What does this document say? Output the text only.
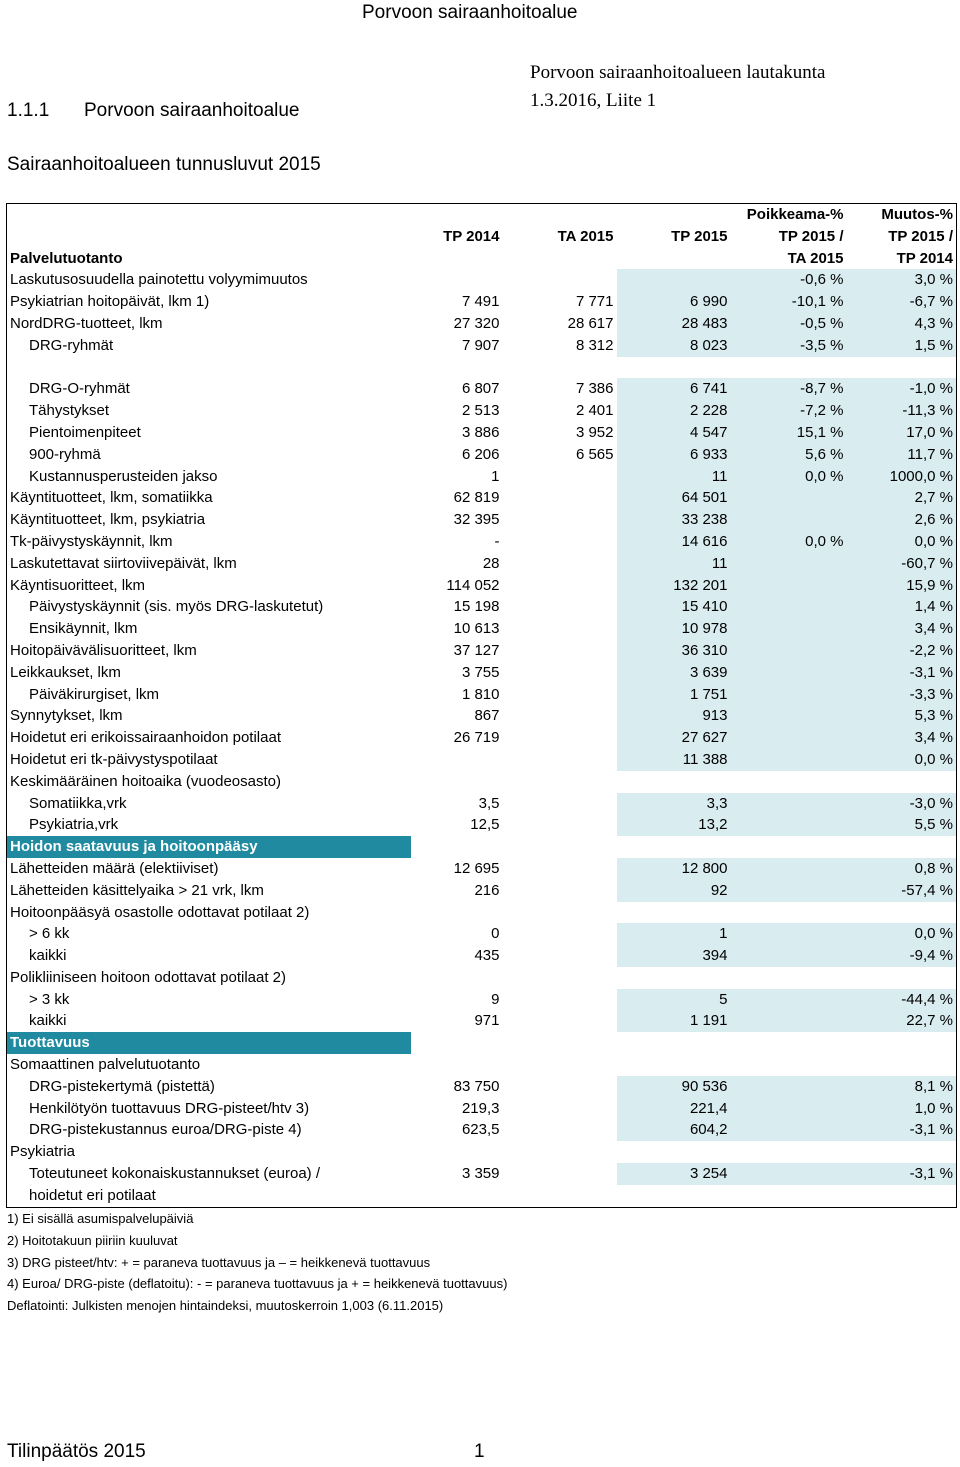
Porvoon sairaanhoitoalue
1.1.1 Porvoon sairaanhoitoalue
Porvoon sairaanhoitoalueen lautakunta
1.3.2016, Liite 1
Sairaanhoitoalueen tunnusluvut 2015
				Poikkeama-%	Muutos-%
	TP 2014	TA 2015	TP 2015	TP 2015 /	TP 2015 /
Palvelutuotanto				TA 2015	TP 2014
Laskutusosuudella painotettu volyymimuutos				-0,6 %	3,0 %
Psykiatrian hoitopäivät, lkm 1)	7 491	7 771	6 990	-10,1 %	-6,7 %
NordDRG-tuotteet, lkm	27 320	28 617	28 483	-0,5 %	4,3 %
DRG-ryhmät	7 907	8 312	8 023	-3,5 %	1,5 %

DRG-O-ryhmät	6 807	7 386	6 741	-8,7 %	-1,0 %
Tähystykset	2 513	2 401	2 228	-7,2 %	-11,3 %
Pientoimenpiteet	3 886	3 952	4 547	15,1 %	17,0 %
900-ryhmä	6 206	6 565	6 933	5,6 %	11,7 %
Kustannusperusteiden jakso	1		11	0,0 %	1000,0 %
Käyntituotteet, lkm, somatiikka	62 819		64 501		2,7 %
Käyntituotteet, lkm, psykiatria	32 395		33 238		2,6 %
Tk-päivystyskäynnit, lkm	-		14 616	0,0 %	0,0 %
Laskutettavat siirtoviivepäivät, lkm	28		11		-60,7 %
Käyntisuoritteet, lkm	114 052		132 201		15,9 %
Päivystyskäynnit (sis. myös DRG-laskutetut)	15 198		15 410		1,4 %
Ensikäynnit, lkm	10 613		10 978		3,4 %
Hoitopäivävälisuoritteet, lkm	37 127		36 310		-2,2 %
Leikkaukset, lkm	3 755		3 639		-3,1 %
Päiväkirurgiset, lkm	1 810		1 751		-3,3 %
Synnytykset, lkm	867		913		5,3 %
Hoidetut eri erikoissairaanhoidon potilaat	26 719		27 627		3,4 %
Hoidetut eri tk-päivystyspotilaat			11 388		0,0 %
Keskimääräinen hoitoaika (vuodeosasto)					
Somatiikka,vrk	3,5		3,3		-3,0 %
Psykiatria,vrk	12,5		13,2		5,5 %
Hoidon saatavuus ja hoitoonpääsy					
Lähetteiden määrä (elektiiviset)	12 695		12 800		0,8 %
Lähetteiden käsittelyaika > 21 vrk, lkm	216		92		-57,4 %
Hoitoonpääsyä osastolle odottavat potilaat 2)					
> 6 kk	0		1		0,0 %
kaikki	435		394		-9,4 %
Polikliiniseen hoitoon odottavat potilaat 2)					
> 3 kk	9		5		-44,4 %
kaikki	971		1 191		22,7 %
Tuottavuus					
Somaattinen palvelutuotanto					
DRG-pistekertymä (pistettä)	83 750		90 536		8,1 %
Henkilötyön tuottavuus DRG-pisteet/htv 3)	219,3		221,4		1,0 %
DRG-pistekustannus euroa/DRG-piste 4)	623,5		604,2		-3,1 %
Psykiatria					
Toteutuneet kokonaiskustannukset (euroa) /	3 359		3 254		-3,1 %
hoidetut eri potilaat					
1) Ei sisällä asumispalvelupäiviä
2) Hoitotakuun piiriin kuuluvat
3) DRG pisteet/htv: + = paraneva tuottavuus ja – = heikkenevä tuottavuus
4) Euroa/ DRG-piste (deflatoitu): - = paraneva tuottavuus ja + = heikkenevä tuottavuus)
Deflatointi: Julkisten menojen hintaindeksi, muutoskerroin 1,003 (6.11.2015)
Tilinpäätös 2015	1
